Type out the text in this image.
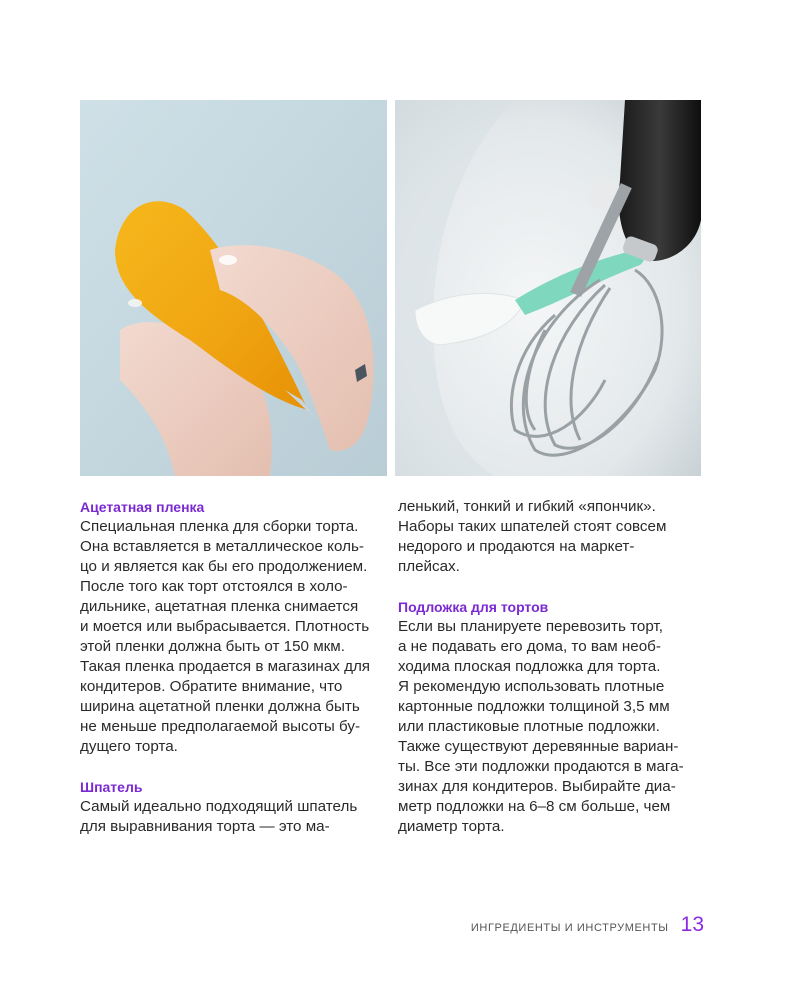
Ацетатная пленка

Специальная пленка для сборки торта.
Она вставляется в металлическое коль-
цо и является как бы его продолжением.
После того как торт отстоялся в холо-
дильнике, ацетатная пленка снимается
и моется или выбрасывается. Плотность
этой пленки должна быть от 150 мкм.
Такая пленка продается в магазинах для
кондитеров. Обратите внимание, что
ширина ацетатной пленки должна быть
не меньше предполагаемой высоты бу-
дущего торта.

Шпатель

Самый идеально подходящий шпатель
для выравнивания торта — это ма-

ленький, тонкий и гибкий «япончик».
Наборы таких шпателей стоят совсем
недорого и продаются на маркет-
плейсах.

Подложка для тортов

Если вы планируете перевозить торт,
а не подавать его дома, то вам необ-
ходима плоская подложка для торта.
Я рекомендую использовать плотные
картонные подложки толщиной 3,5 мм
или пластиковые плотные подложки.
Также существуют деревянные вариан-
ты. Все эти подложки продаются в мага-
зинах для кондитеров. Выбирайте диа-
метр подложки на 6–8 см больше, чем
диаметр торта.

ИНГРЕДИЕНТЫ И ИНСТРУМЕНТЫ 13
